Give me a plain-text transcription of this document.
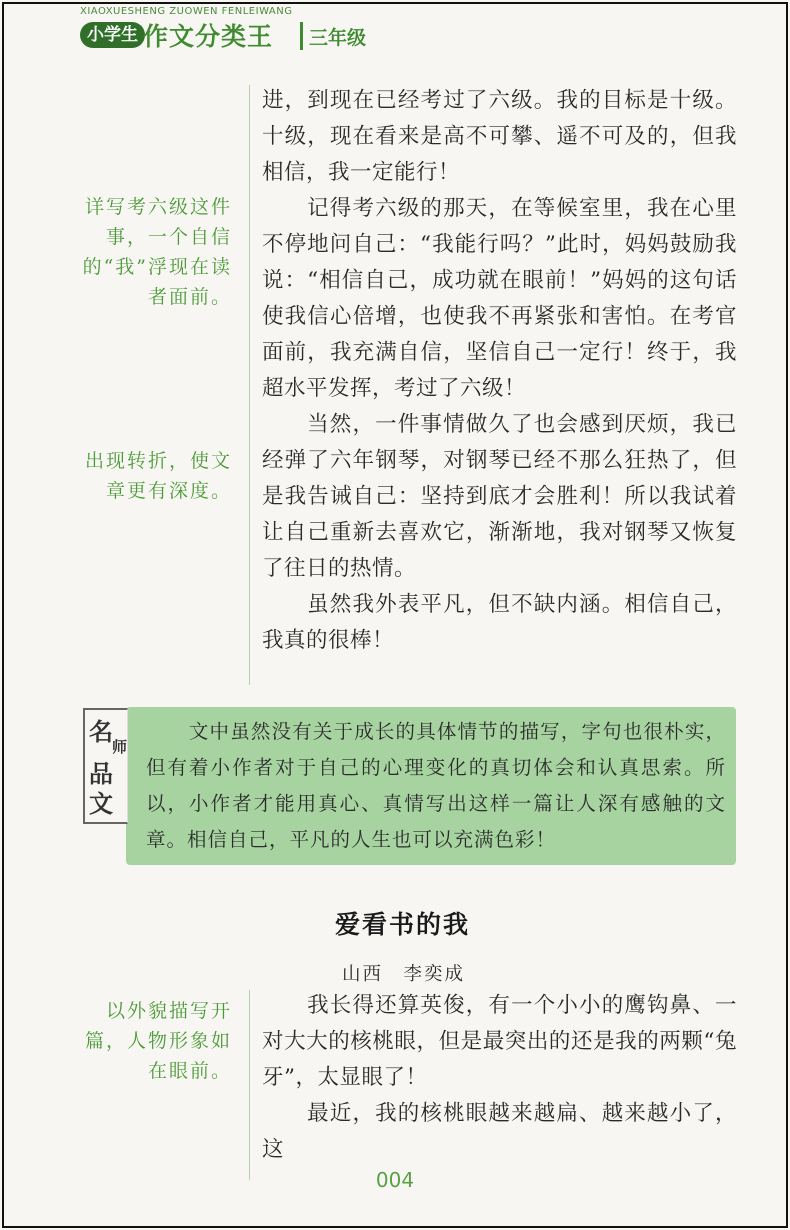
XIAOXUESHENG ZUOWEN FENLEIWANG
小学生 作文分类王 三年级
详写考六级这件事，一个自信的“我”浮现在读者面前。
出现转折，使文章更有深度。
以外貌描写开篇，人物形象如在眼前。

进，到现在已经考过了六级。我的目标是十级。十级，现在看来是高不可攀、遥不可及的，但我相信，我一定能行！

记得考六级的那天，在等候室里，我在心里不停地问自己：“我能行吗？”此时，妈妈鼓励我说：“相信自己，成功就在眼前！”妈妈的这句话使我信心倍增，也使我不再紧张和害怕。在考官面前，我充满自信，坚信自己一定行！终于，我超水平发挥，考过了六级！

当然，一件事情做久了也会感到厌烦，我已经弹了六年钢琴，对钢琴已经不那么狂热了，但是我告诫自己：坚持到底才会胜利！所以我试着让自己重新去喜欢它，渐渐地，我对钢琴又恢复了往日的热情。

虽然我外表平凡，但不缺内涵。相信自己，我真的很棒！

名
师
品
文
文中虽然没有关于成长的具体情节的描写，字句也很朴实，但有着小作者对于自己的心理变化的真切体会和认真思索。所以，小作者才能用真心、真情写出这样一篇让人深有感触的文章。相信自己，平凡的人生也可以充满色彩！
爱看书的我
山西　李奕成

我长得还算英俊，有一个小小的鹰钩鼻、一对大大的核桃眼，但是最突出的还是我的两颗“兔牙”，太显眼了！

最近，我的核桃眼越来越扁、越来越小了，这

004
